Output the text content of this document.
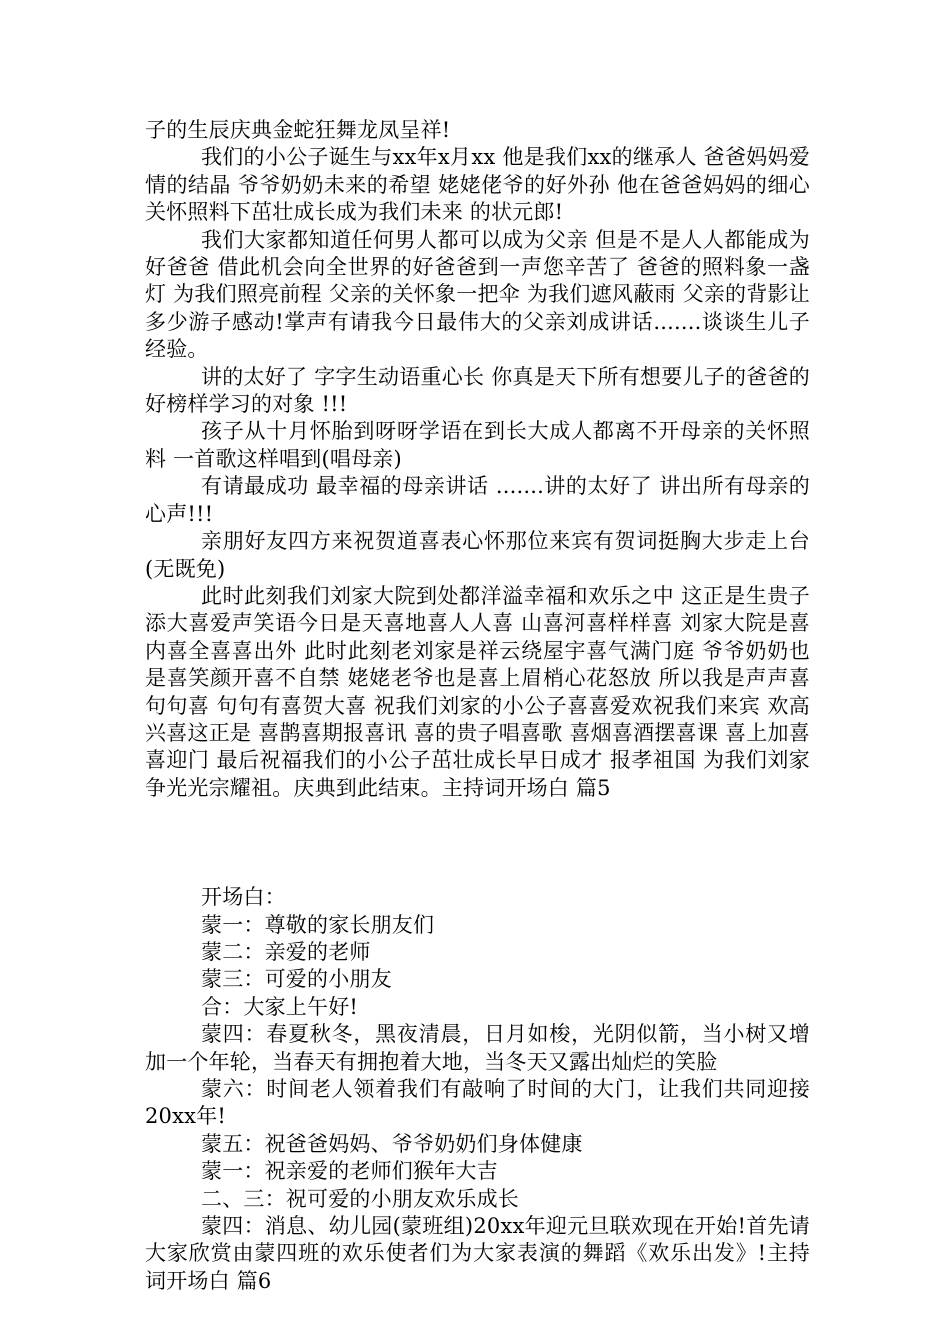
子的生辰庆典金蛇狂舞龙凤呈祥!

我们的小公子诞生与xx年x月xx 他是我们xx的继承人 爸爸妈妈爱情的结晶 爷爷奶奶未来的希望 姥姥佬爷的好外孙 他在爸爸妈妈的细心关怀照料下茁壮成长成为我们未来 的状元郎!

我们大家都知道任何男人都可以成为父亲 但是不是人人都能成为好爸爸 借此机会向全世界的好爸爸到一声您辛苦了 爸爸的照料象一盏灯 为我们照亮前程 父亲的关怀象一把伞 为我们遮风蔽雨 父亲的背影让多少游子感动!掌声有请我今日最伟大的父亲刘成讲话.......谈谈生儿子经验。

讲的太好了 字字生动语重心长 你真是天下所有想要儿子的爸爸的好榜样学习的对象 !!!

孩子从十月怀胎到呀呀学语在到长大成人都离不开母亲的关怀照料 一首歌这样唱到(唱母亲)

有请最成功 最幸福的母亲讲话 .......讲的太好了 讲出所有母亲的心声!!!

亲朋好友四方来祝贺道喜表心怀那位来宾有贺词挺胸大步走上台(无既免)

此时此刻我们刘家大院到处都洋溢幸福和欢乐之中 这正是生贵子 添大喜爱声笑语今日是天喜地喜人人喜 山喜河喜样样喜 刘家大院是喜内喜全喜喜出外 此时此刻老刘家是祥云绕屋宇喜气满门庭 爷爷奶奶也是喜笑颜开喜不自禁 姥姥老爷也是喜上眉梢心花怒放 所以我是声声喜句句喜 句句有喜贺大喜 祝我们刘家的小公子喜喜爱欢祝我们来宾 欢高兴喜这正是 喜鹊喜期报喜讯 喜的贵子唱喜歌 喜烟喜酒摆喜课 喜上加喜喜迎门 最后祝福我们的小公子茁壮成长早日成才 报孝祖国 为我们刘家争光光宗耀祖。庆典到此结束。主持词开场白 篇5

开场白：

蒙一：尊敬的家长朋友们

蒙二：亲爱的老师

蒙三：可爱的小朋友

合：大家上午好!

蒙四：春夏秋冬，黑夜清晨，日月如梭，光阴似箭，当小树又增加一个年轮，当春天有拥抱着大地，当冬天又露出灿烂的笑脸

蒙六：时间老人领着我们有敲响了时间的大门，让我们共同迎接20xx年!

蒙五：祝爸爸妈妈、爷爷奶奶们身体健康

蒙一：祝亲爱的老师们猴年大吉

二、三：祝可爱的小朋友欢乐成长

蒙四：消息、幼儿园(蒙班组)20xx年迎元旦联欢现在开始!首先请大家欣赏由蒙四班的欢乐使者们为大家表演的舞蹈《欢乐出发》!主持词开场白 篇6
